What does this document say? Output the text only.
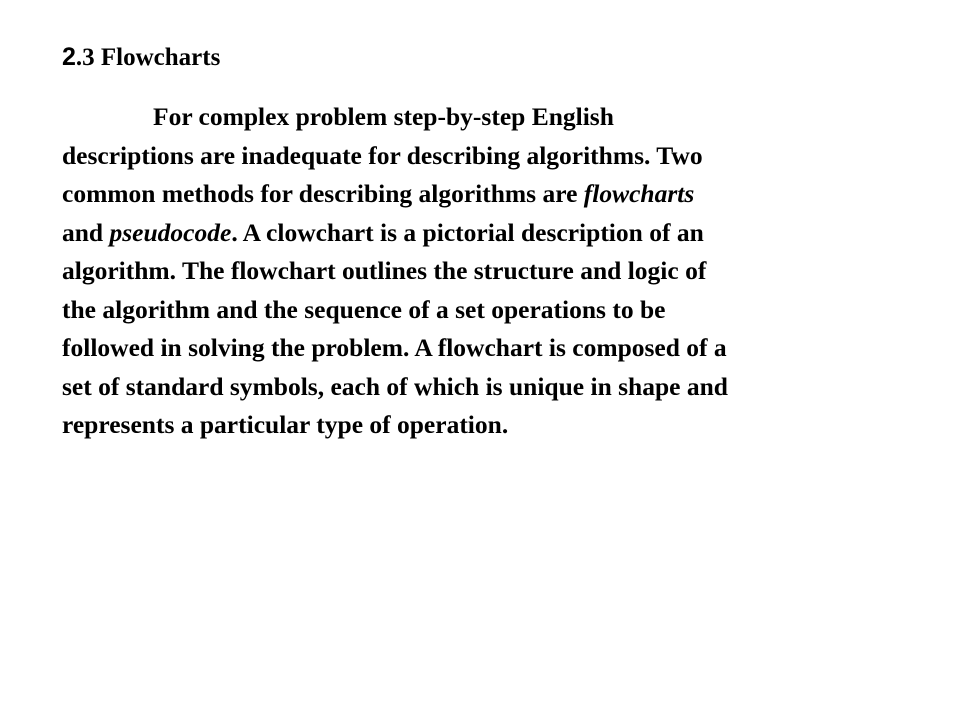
2.3 Flowcharts

For complex problem step-by-step English
descriptions are inadequate for describing algorithms. Two
common methods for describing algorithms are flowcharts
and pseudocode. A clowchart is a pictorial description of an
algorithm. The flowchart outlines the structure and logic of
the algorithm and the sequence of a set operations to be
followed in solving the problem. A flowchart is composed of a
set of standard symbols, each of which is unique in shape and
represents a particular type of operation.
